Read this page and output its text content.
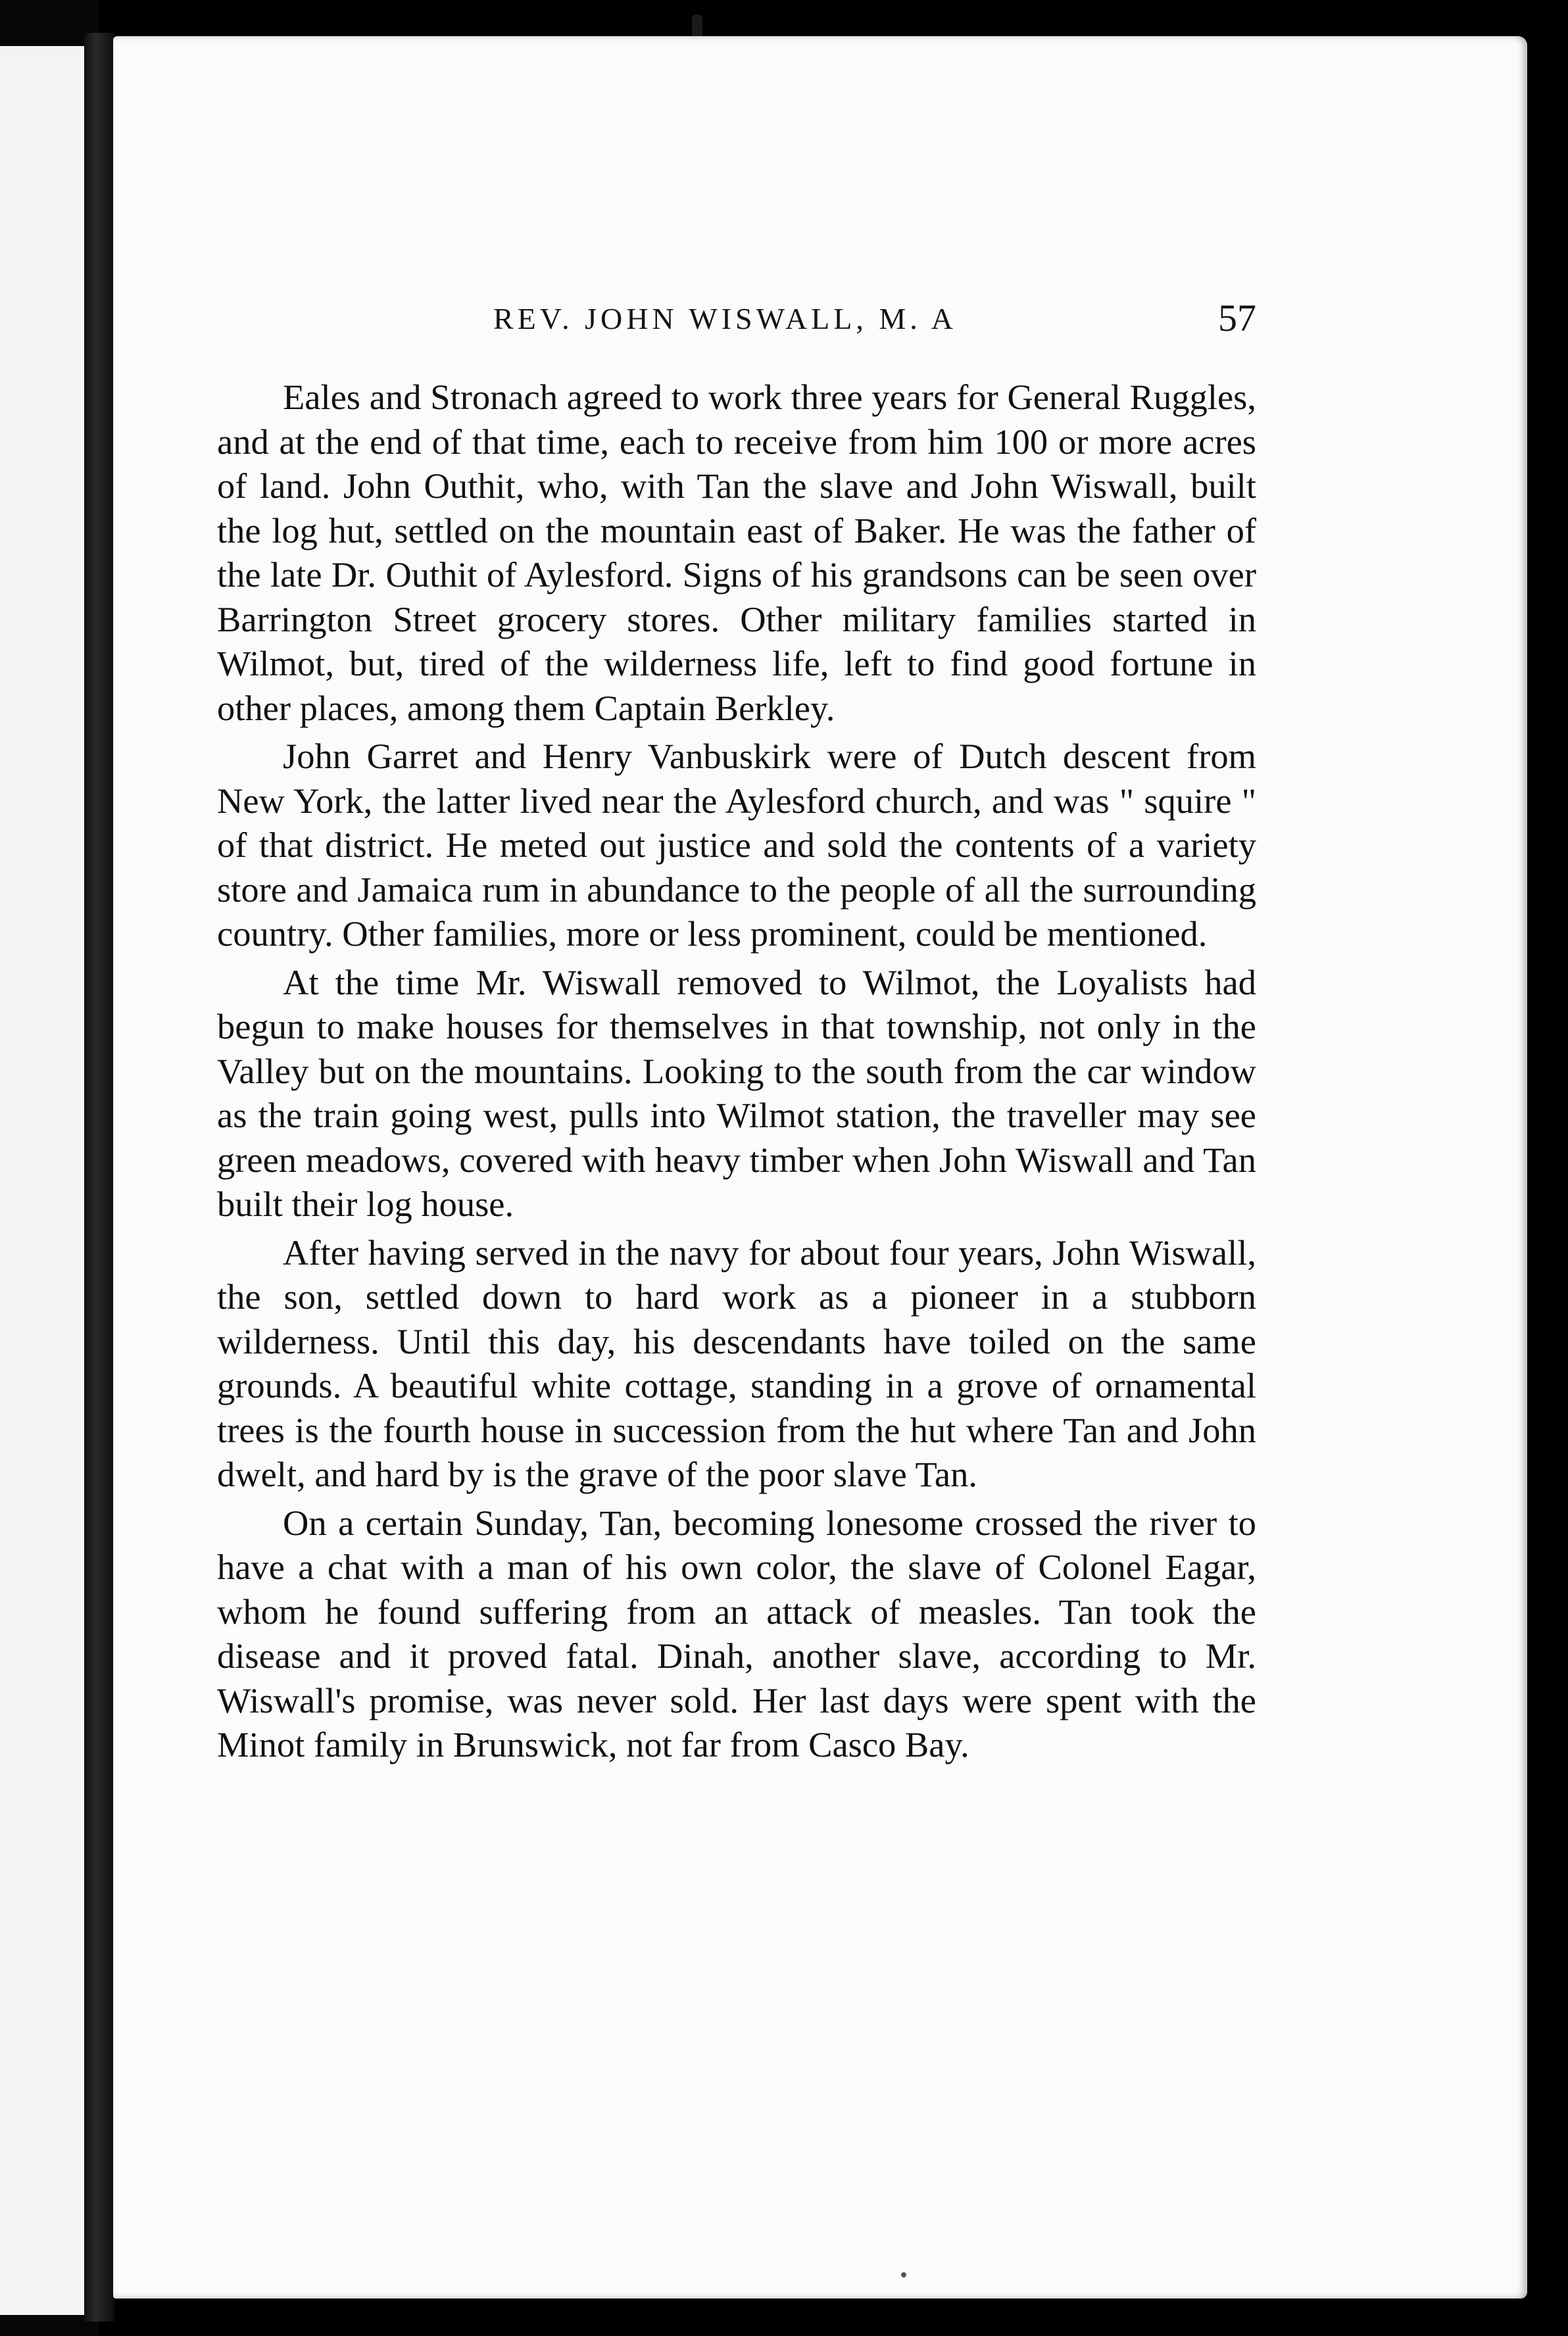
REV. JOHN WISWALL, M. A	57

Eales and Stronach agreed to work three years for General Ruggles, and at the end of that time, each to receive from him 100 or more acres of land. John Outhit, who, with Tan the slave and John Wiswall, built the log hut, settled on the mountain east of Baker. He was the father of the late Dr. Outhit of Aylesford. Signs of his grandsons can be seen over Barrington Street grocery stores. Other military families started in Wilmot, but, tired of the wilderness life, left to find good fortune in other places, among them Captain Berkley.

John Garret and Henry Vanbuskirk were of Dutch descent from New York, the latter lived near the Aylesford church, and was " squire " of that district. He meted out justice and sold the contents of a variety store and Jamaica rum in abundance to the people of all the surrounding country. Other families, more or less prominent, could be mentioned.

At the time Mr. Wiswall removed to Wilmot, the Loyalists had begun to make houses for themselves in that township, not only in the Valley but on the mountains. Looking to the south from the car window as the train going west, pulls into Wilmot station, the traveller may see green meadows, covered with heavy timber when John Wiswall and Tan built their log house.

After having served in the navy for about four years, John Wiswall, the son, settled down to hard work as a pioneer in a stubborn wilderness. Until this day, his descendants have toiled on the same grounds. A beautiful white cottage, standing in a grove of ornamental trees is the fourth house in succession from the hut where Tan and John dwelt, and hard by is the grave of the poor slave Tan.

On a certain Sunday, Tan, becoming lonesome crossed the river to have a chat with a man of his own color, the slave of Colonel Eagar, whom he found suffering from an attack of measles. Tan took the disease and it proved fatal. Dinah, another slave, according to Mr. Wiswall's promise, was never sold. Her last days were spent with the Minot family in Brunswick, not far from Casco Bay.
